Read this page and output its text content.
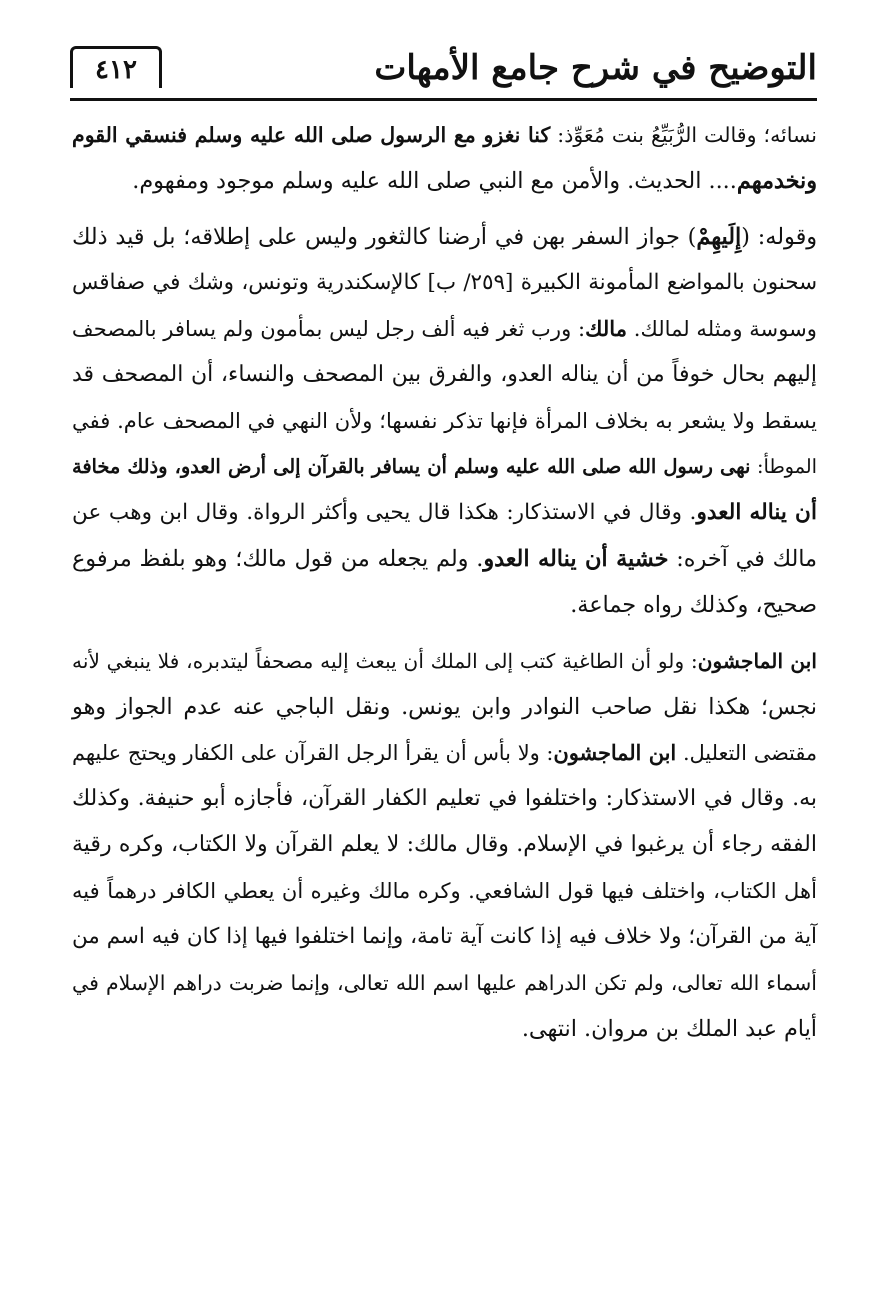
التوضيح في شرح جامع الأمهات
٤١٢
نسائه؛ وقالت الرُّبَيِّعُ بنت مُعَوِّذ: كنا نغزو مع الرسول صلى الله عليه وسلم فنسقي القوم
ونخدمهم.... الحديث. والأمن مع النبي صلى الله عليه وسلم موجود ومفهوم.
وقوله: (إِلَيهِمْ) جواز السفر بهن في أرضنا كالثغور وليس على إطلاقه؛ بل قيد ذلك
سحنون بالمواضع المأمونة الكبيرة [٢٥٩/ ب] كالإسكندرية وتونس، وشك في صفاقس
وسوسة ومثله لمالك. مالك: ورب ثغر فيه ألف رجل ليس بمأمون ولم يسافر بالمصحف
إليهم بحال خوفاً من أن يناله العدو، والفرق بين المصحف والنساء، أن المصحف قد
يسقط ولا يشعر به بخلاف المرأة فإنها تذكر نفسها؛ ولأن النهي في المصحف عام. ففي
الموطأ: نهى رسول الله صلى الله عليه وسلم أن يسافر بالقرآن إلى أرض العدو، وذلك مخافة
أن يناله العدو. وقال في الاستذكار: هكذا قال يحيى وأكثر الرواة. وقال ابن وهب عن
مالك في آخره: خشية أن يناله العدو. ولم يجعله من قول مالك؛ وهو بلفظ مرفوع
صحيح، وكذلك رواه جماعة.
ابن الماجشون: ولو أن الطاغية كتب إلى الملك أن يبعث إليه مصحفاً ليتدبره، فلا ينبغي لأنه
نجس؛ هكذا نقل صاحب النوادر وابن يونس. ونقل الباجي عنه عدم الجواز وهو
مقتضى التعليل. ابن الماجشون: ولا بأس أن يقرأ الرجل القرآن على الكفار ويحتج عليهم
به. وقال في الاستذكار: واختلفوا في تعليم الكفار القرآن، فأجازه أبو حنيفة. وكذلك
الفقه رجاء أن يرغبوا في الإسلام. وقال مالك: لا يعلم القرآن ولا الكتاب، وكره رقية
أهل الكتاب، واختلف فيها قول الشافعي. وكره مالك وغيره أن يعطي الكافر درهماً فيه
آية من القرآن؛ ولا خلاف فيه إذا كانت آية تامة، وإنما اختلفوا فيها إذا كان فيه اسم من
أسماء الله تعالى، ولم تكن الدراهم عليها اسم الله تعالى، وإنما ضربت دراهم الإسلام في
أيام عبد الملك بن مروان. انتهى.
